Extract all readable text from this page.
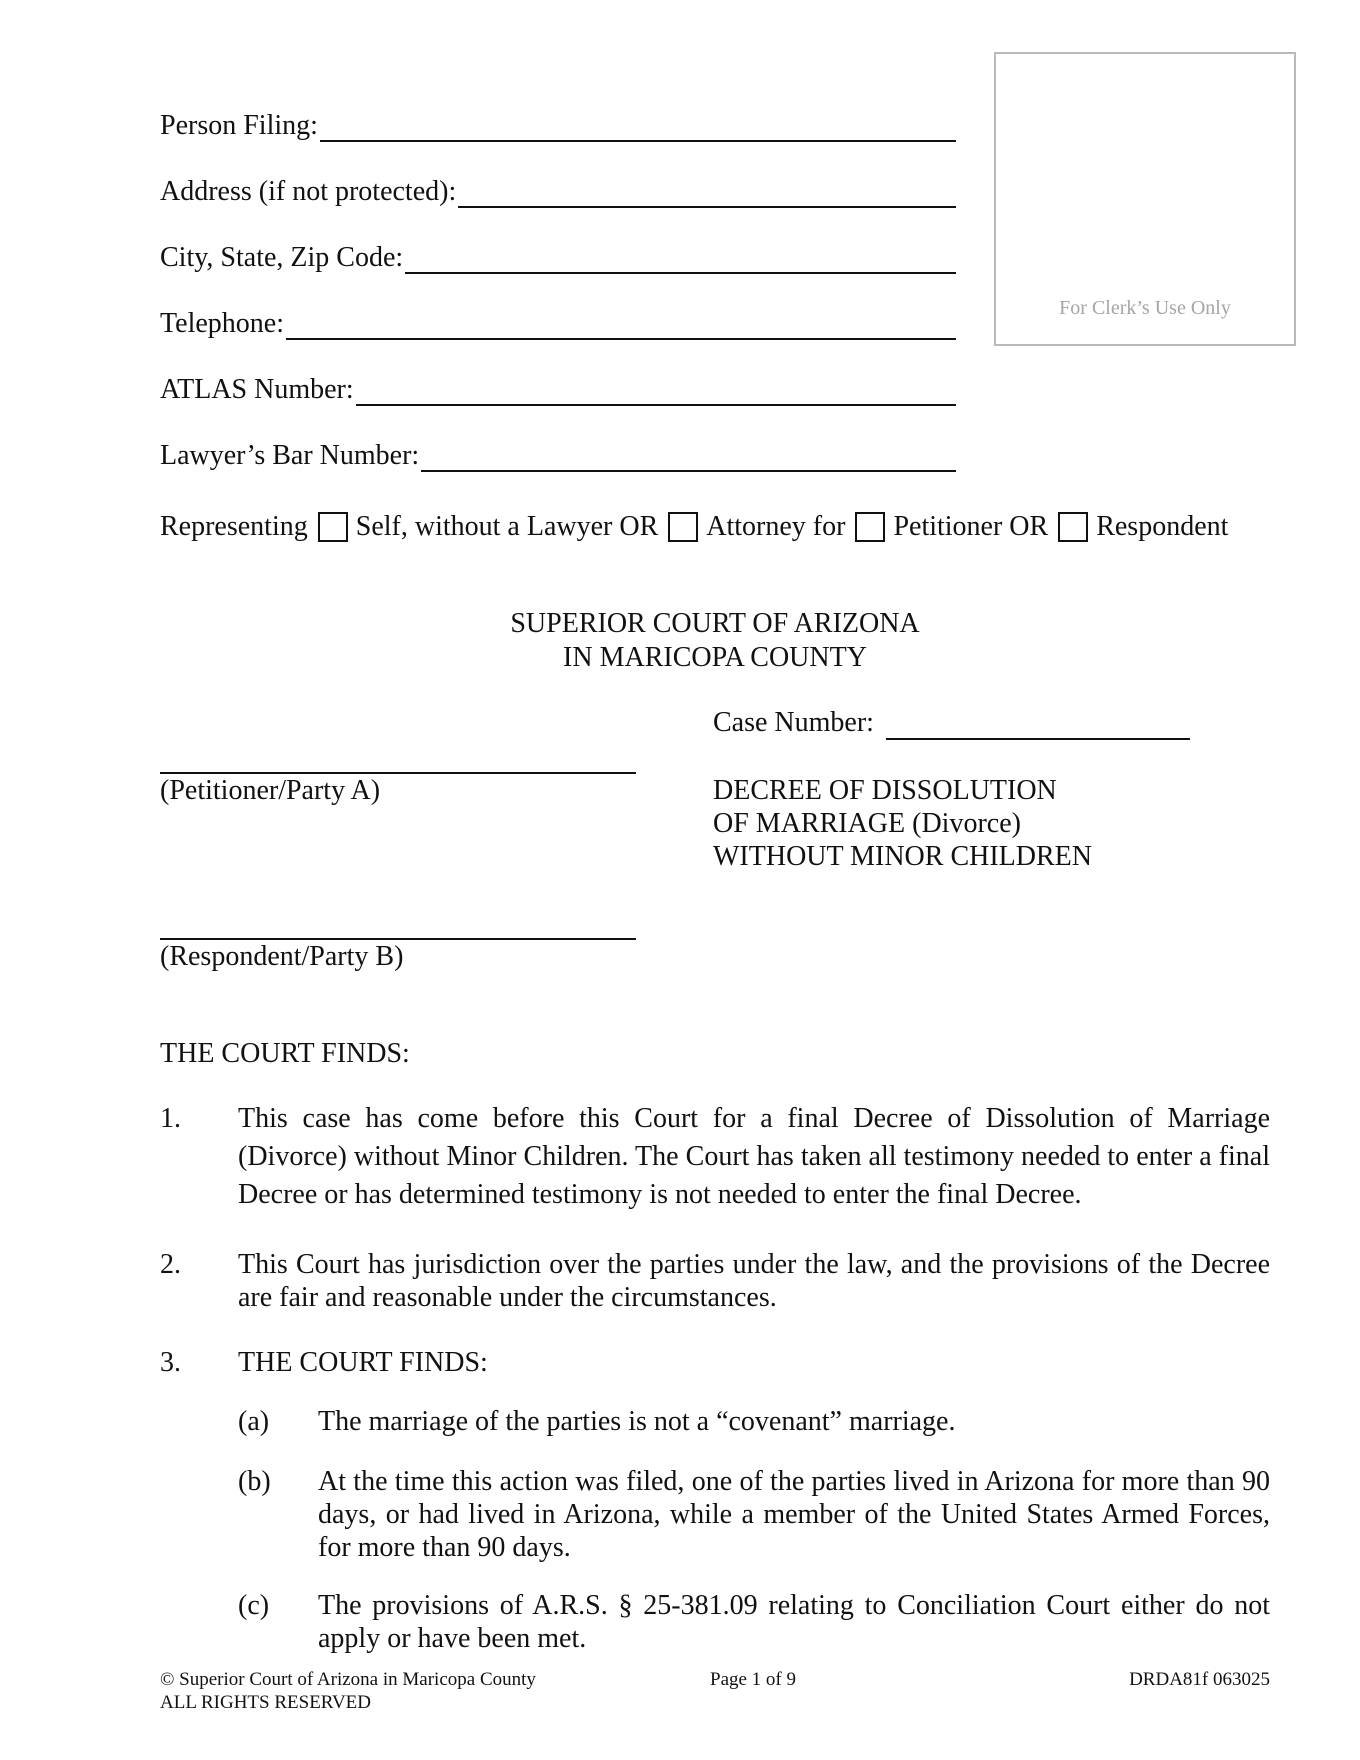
Person Filing:
Address (if not protected):
City, State, Zip Code:
Telephone:
ATLAS Number:
Lawyer’s Bar Number:
For Clerk’s Use Only
Representing Self, without a Lawyer OR Attorney for Petitioner OR Respondent
SUPERIOR COURT OF ARIZONA
IN MARICOPA COUNTY
Case Number:
(Petitioner/Party A)
(Respondent/Party B)
DECREE OF DISSOLUTION
OF MARRIAGE (Divorce)
WITHOUT MINOR CHILDREN
THE COURT FINDS:
1. This case has come before this Court for a final Decree of Dissolution of Marriage (Divorce) without Minor Children. The Court has taken all testimony needed to enter a final Decree or has determined testimony is not needed to enter the final Decree.
2. This Court has jurisdiction over the parties under the law, and the provisions of the Decree are fair and reasonable under the circumstances.
3. THE COURT FINDS:
(a) The marriage of the parties is not a “covenant” marriage.
(b) At the time this action was filed, one of the parties lived in Arizona for more than 90 days, or had lived in Arizona, while a member of the United States Armed Forces, for more than 90 days.
(c) The provisions of A.R.S. § 25-381.09 relating to Conciliation Court either do not apply or have been met.
© Superior Court of Arizona in Maricopa County
ALL RIGHTS RESERVED
Page 1 of 9	DRDA81f 063025
